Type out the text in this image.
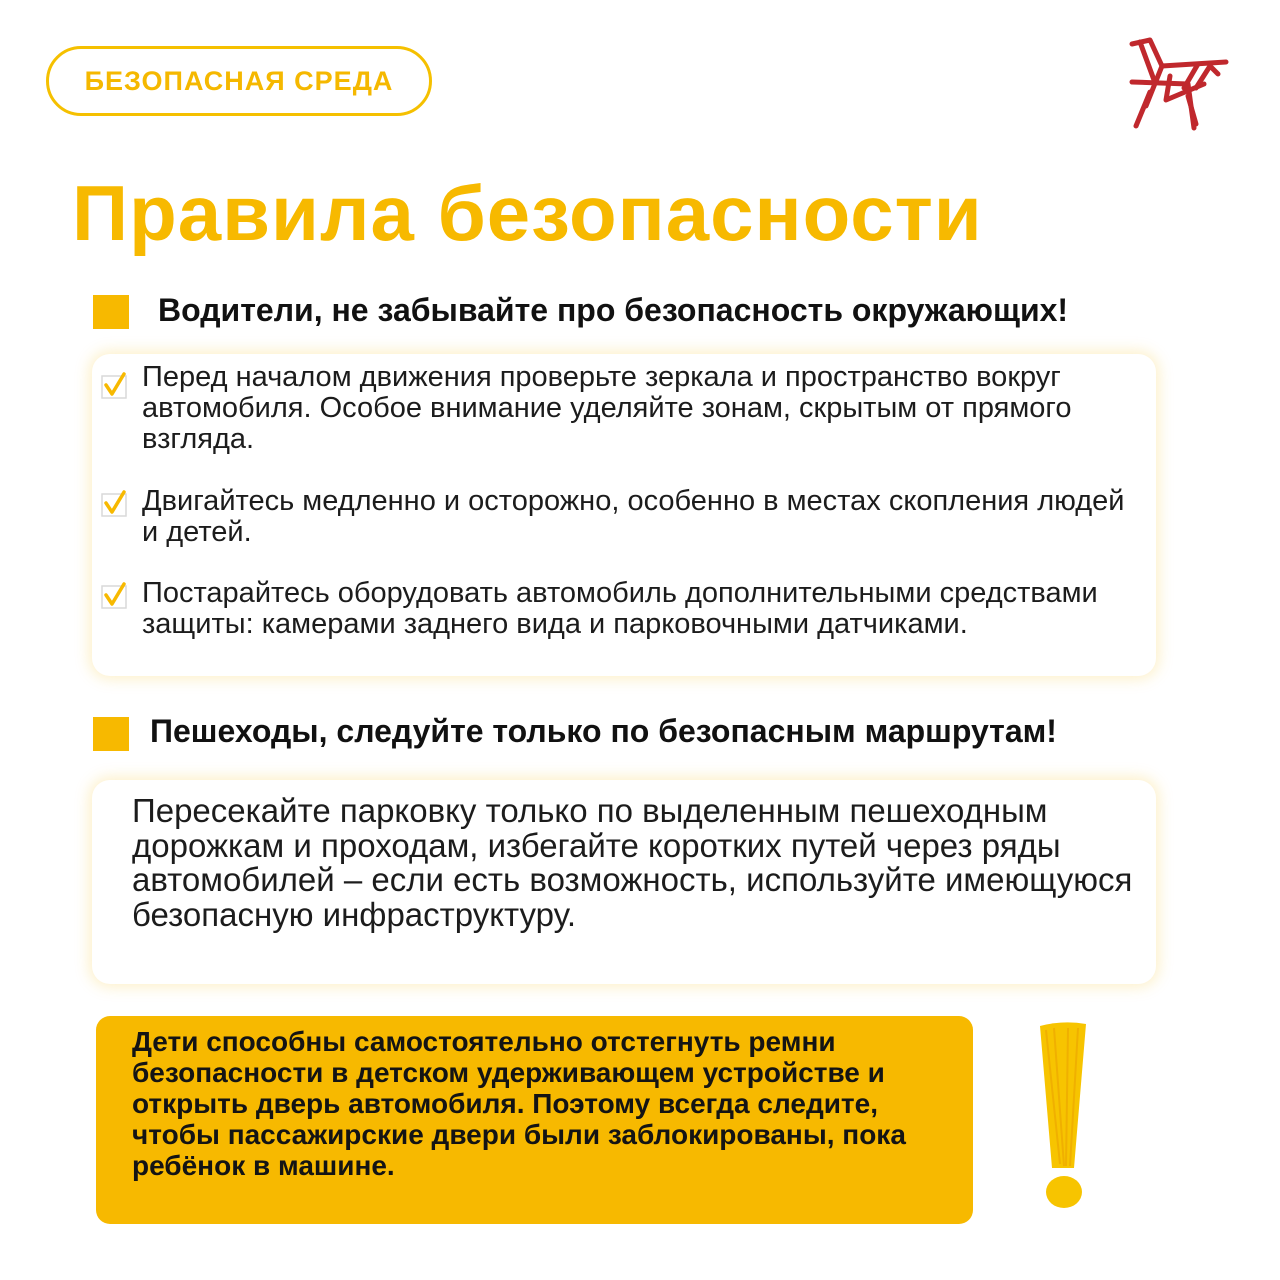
БЕЗОПАСНАЯ СРЕДА
Правила безопасности
Водители, не забывайте про безопасность окружающих!
Перед началом движения проверьте зеркала и пространство вокруг автомобиля. Особое внимание уделяйте зонам, скрытым от прямого взгляда.
Двигайтесь медленно и осторожно, особенно в местах скопления людей и детей.
Постарайтесь оборудовать автомобиль дополнительными средствами защиты: камерами заднего вида и парковочными датчиками.
Пешеходы, следуйте только по безопасным маршрутам!
Пересекайте парковку только по выделенным пешеходным дорожкам и проходам, избегайте коротких путей через ряды автомобилей – если есть возможность, используйте имеющуюся безопасную инфраструктуру.
Дети способны самостоятельно отстегнуть ремни безопасности в детском удерживающем устройстве и открыть дверь автомобиля. Поэтому всегда следите, чтобы пассажирские двери были заблокированы, пока ребёнок в машине.
